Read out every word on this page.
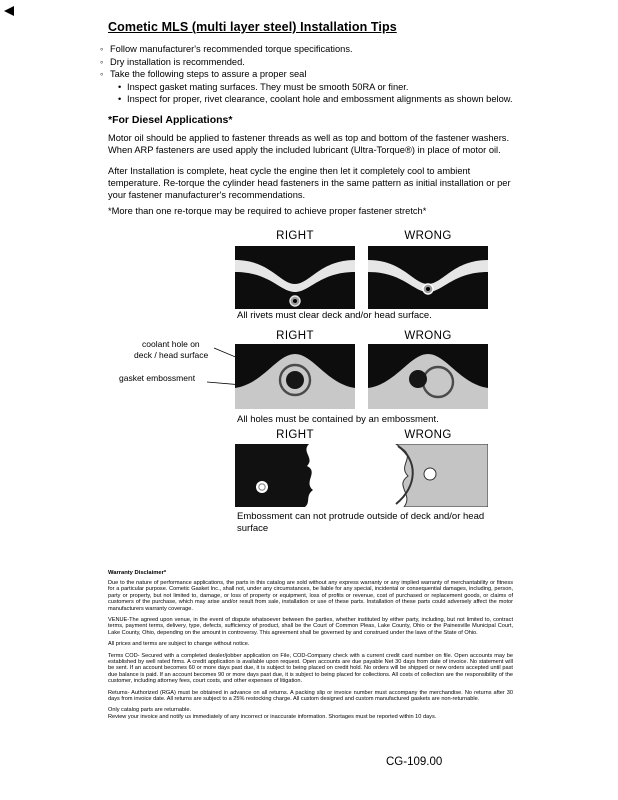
Cometic MLS (multi layer steel) Installation Tips
◦ Follow manufacturer's recommended torque specifications.
◦ Dry installation is recommended.
◦ Take the following steps to assure a proper seal
• Inspect gasket mating surfaces. They must be smooth 50RA or finer.
• Inspect for proper, rivet clearance, coolant hole and embossment alignments as shown below.
*For Diesel Applications*

Motor oil should be applied to fastener threads as well as top and bottom of the fastener washers. When ARP fasteners are used apply the included lubricant (Ultra-Torque®) in place of motor oil.

After Installation is complete, heat cycle the engine then let it completely cool to ambient temperature. Re-torque the cylinder head fasteners in the same pattern as initial installation or per your fastener manufacturer's recommendations.

*More than one re-torque may be required to achieve proper fastener stretch*

RIGHT	WRONG
All rivets must clear deck and/or head surface.
coolant hole on
deck / head surface
gasket embossment
RIGHT	WRONG
All holes must be contained by an embossment.
RIGHT	WRONG
Embossment can not protrude outside of deck and/or head surface
Warranty Disclaimer*

Due to the nature of performance applications, the parts in this catalog are sold without any express warranty or any implied warranty of merchantability or fitness for a particular purpose. Cometic Gasket Inc., shall not, under any circumstances, be liable for any special, incidental or consequential damages, including, person, party or property, but not limited to, damage, or loss of property or equipment, loss of profits or revenue, cost of purchased or replacement goods, or claims of customers of the purchase, which may arise and/or result from sale, installation or use of these parts. Installation of these parts could adversely affect the motor manufacturers warranty coverage.

VENUE-The agreed upon venue, in the event of dispute whatsoever between the parties, whether instituted by either party, including, but not limited to, contract terms, payment terms, delivery, type, defects, sufficiency of product, shall be the Court of Common Pleas, Lake County, Ohio or the Painesville Municipal Court, Lake County, Ohio, depending on the amount in controversy. This agreement shall be governed by and construed under the laws of the State of Ohio.

All prices and terms are subject to change without notice.

Terms COD- Secured with a completed dealer/jobber application on File, COD-Company check with a current credit card number on file. Open accounts may be established by well rated firms. A credit application is available upon request. Open accounts are due payable Net 30 days from date of invoice. No statement will be sent. If an account becomes 60 or more days past due, it is subject to being placed on credit hold. No orders will be shipped or new orders accepted until past due balance is paid. If an account becomes 90 or more days past due, it is subject to being placed for collections. All costs of collection are the responsibility of the customer, including attorney fees, court costs, and other expenses of litigation.

Returns- Authorized (RGA) must be obtained in advance on all returns. A packing slip or invoice number must accompany the merchandise. No returns after 30 days from invoice date. All returns are subject to a 25% restocking charge. All custom designed and custom manufactured gaskets are non-returnable.

Only catalog parts are returnable.

Review your invoice and notify us immediately of any incorrect or inaccurate information. Shortages must be reported within 10 days.

CG-109.00
